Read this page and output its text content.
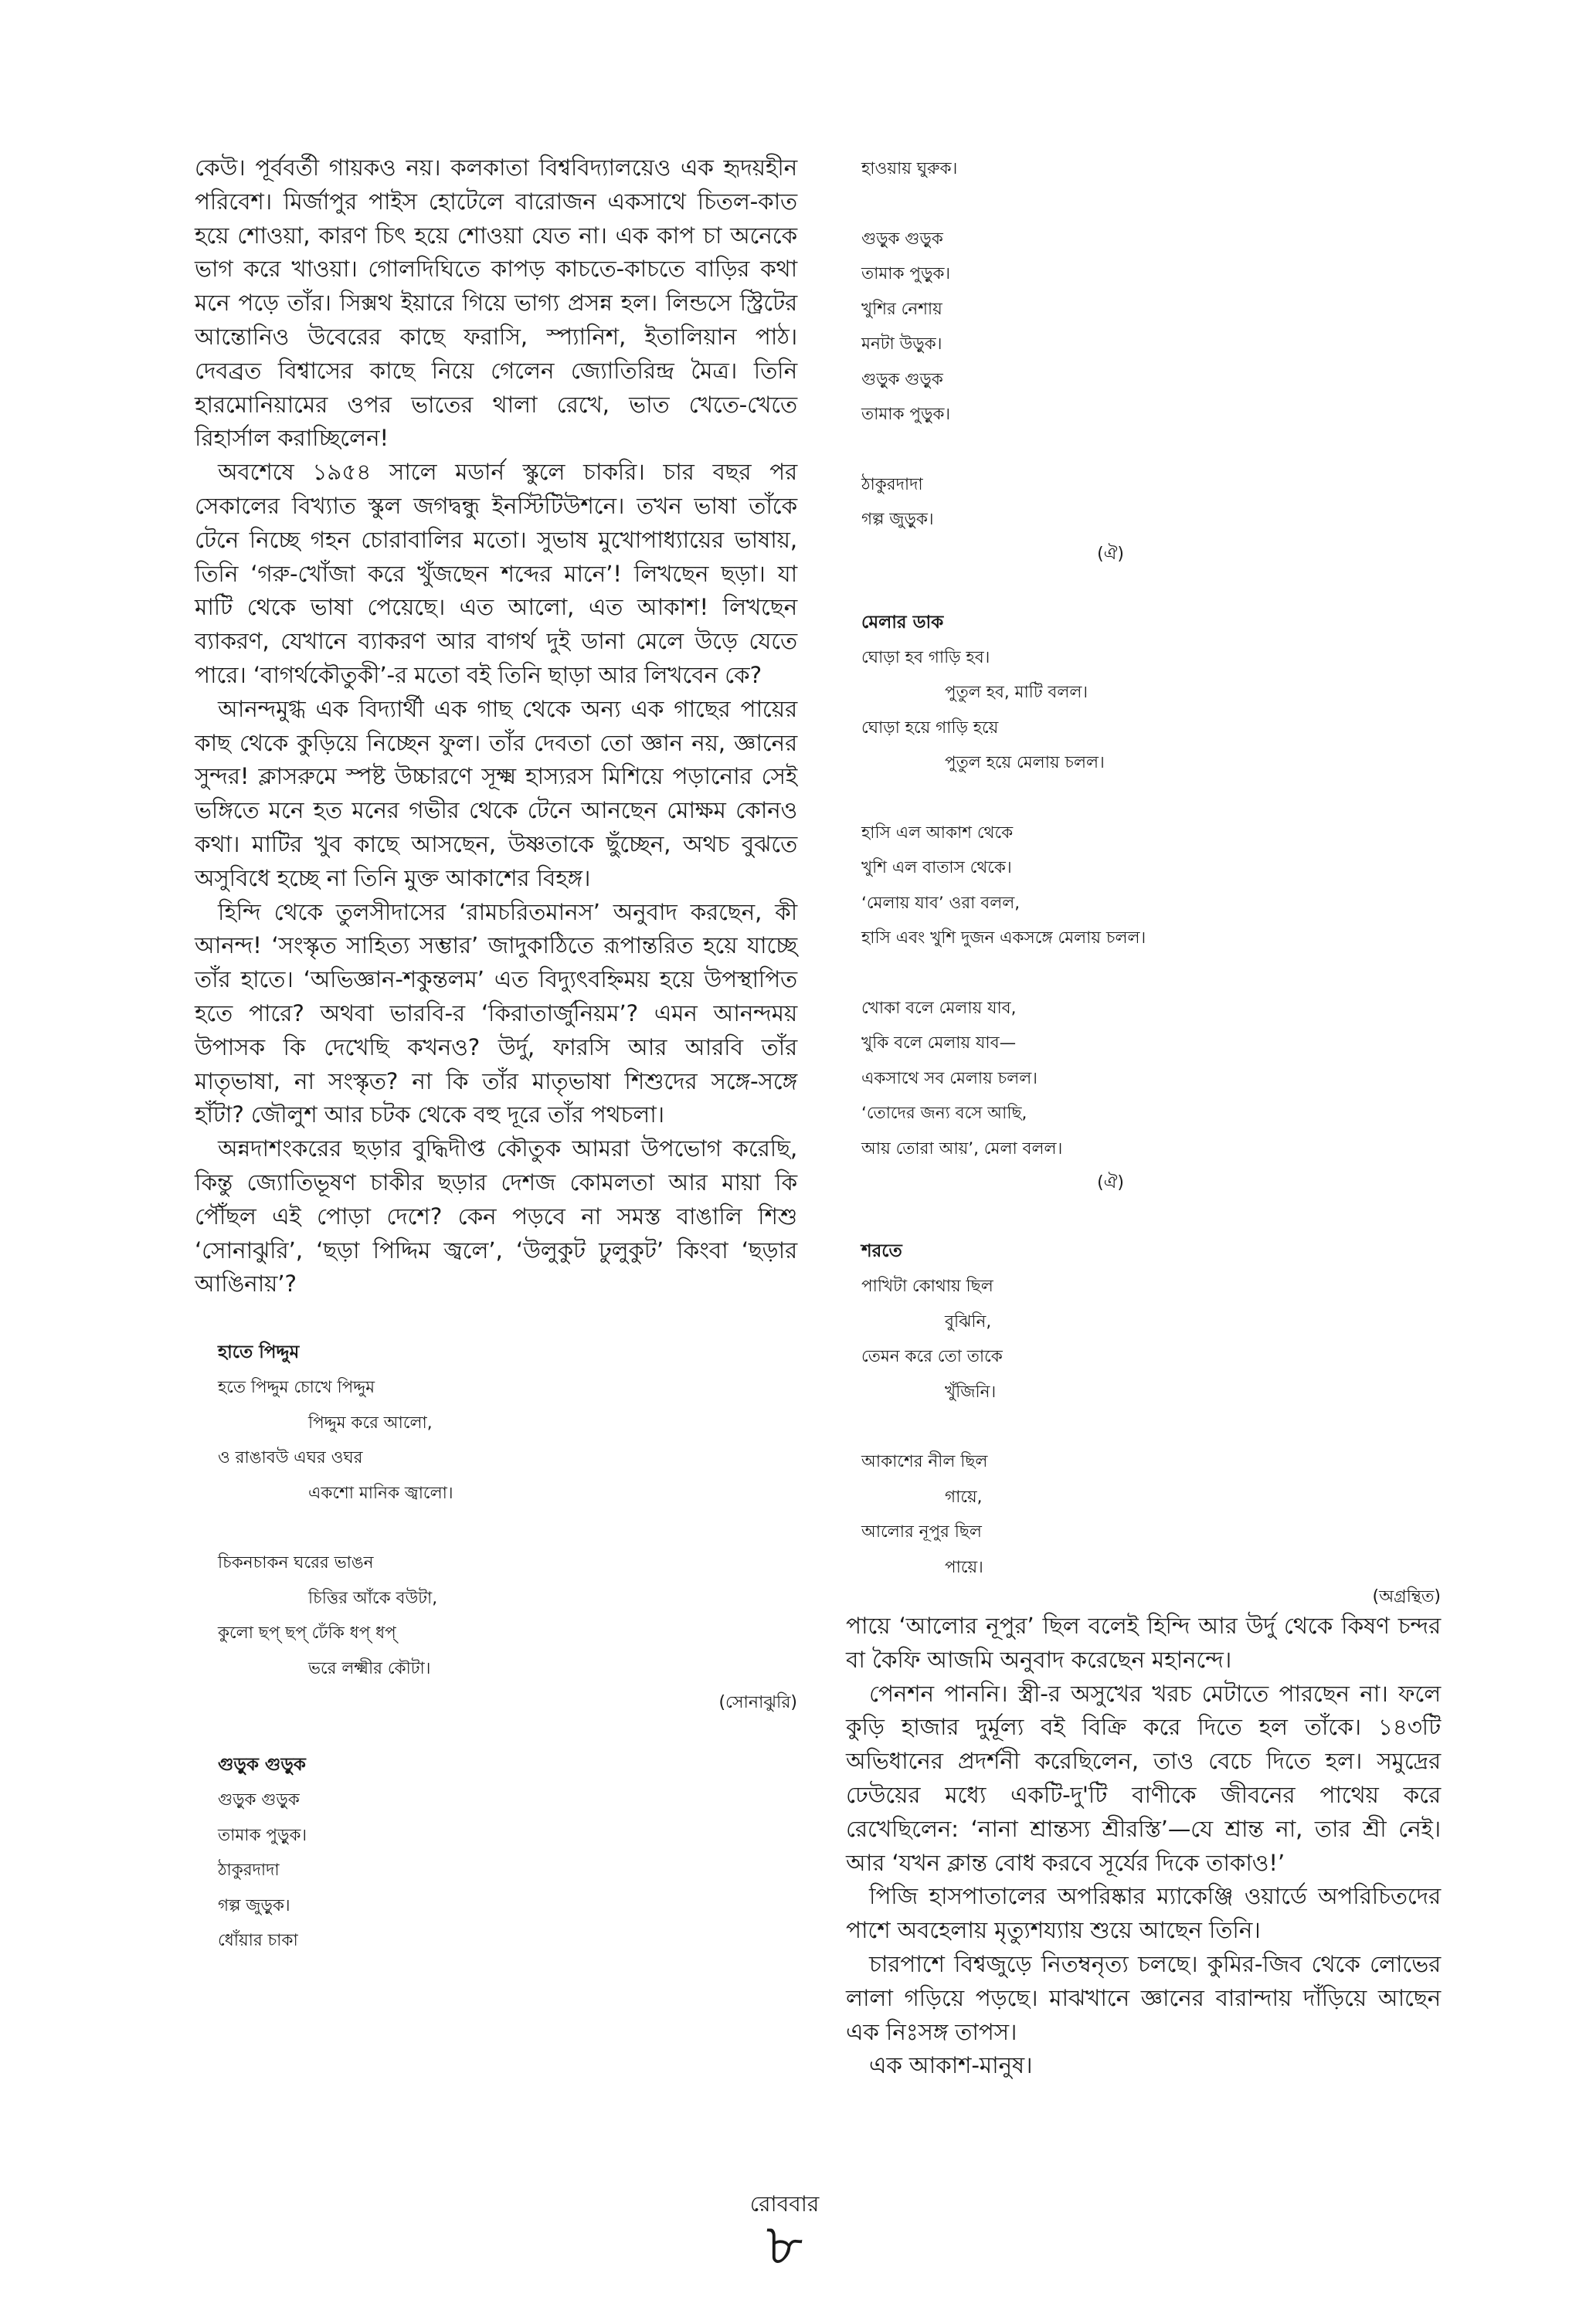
কেউ। পূর্ববর্তী গায়কও নয়। কলকাতা বিশ্ববিদ্যালয়েও এক হৃদয়হীন পরিবেশ। মির্জাপুর পাইস হোটেলে বারোজন একসাথে চিতল-কাত হয়ে শোওয়া, কারণ চিৎ হয়ে শোওয়া যেত না। এক কাপ চা অনেকে ভাগ করে খাওয়া। গোলদিঘিতে কাপড় কাচতে-কাচতে বাড়ির কথা মনে পড়ে তাঁর। সিক্সথ ইয়ারে গিয়ে ভাগ্য প্রসন্ন হল। লিন্ডসে স্ট্রিটের আন্তোনিও উবেরের কাছে ফরাসি, স্প্যানিশ, ইতালিয়ান পাঠ। দেবব্রত বিশ্বাসের কাছে নিয়ে গেলেন জ্যোতিরিন্দ্র মৈত্র। তিনি হারমোনিয়ামের ওপর ভাতের থালা রেখে, ভাত খেতে-খেতে রিহার্সাল করাচ্ছিলেন!

অবশেষে ১৯৫৪ সালে মডার্ন স্কুলে চাকরি। চার বছর পর সেকালের বিখ্যাত স্কুল জগদ্বন্ধু ইনস্টিটিউশনে। তখন ভাষা তাঁকে টেনে নিচ্ছে গহন চোরাবালির মতো। সুভাষ মুখোপাধ্যায়ের ভাষায়, তিনি ‘গরু-খোঁজা করে খুঁজছেন শব্দের মানে’! লিখছেন ছড়া। যা মাটি থেকে ভাষা পেয়েছে। এত আলো, এত আকাশ! লিখছেন ব্যাকরণ, যেখানে ব্যাকরণ আর বাগর্থ দুই ডানা মেলে উড়ে যেতে পারে। ‘বাগর্থকৌতুকী’-র মতো বই তিনি ছাড়া আর লিখবেন কে?

আনন্দমুগ্ধ এক বিদ্যার্থী এক গাছ থেকে অন্য এক গাছের পায়ের কাছ থেকে কুড়িয়ে নিচ্ছেন ফুল। তাঁর দেবতা তো জ্ঞান নয়, জ্ঞানের সুন্দর! ক্লাসরুমে স্পষ্ট উচ্চারণে সূক্ষ্ম হাস্যরস মিশিয়ে পড়ানোর সেই ভঙ্গিতে মনে হত মনের গভীর থেকে টেনে আনছেন মোক্ষম কোনও কথা। মাটির খুব কাছে আসছেন, উষ্ণতাকে ছুঁচ্ছেন, অথচ বুঝতে অসুবিধে হচ্ছে না তিনি মুক্ত আকাশের বিহঙ্গ।

হিন্দি থেকে তুলসীদাসের ‘রামচরিতমানস’ অনুবাদ করছেন, কী আনন্দ! ‘সংস্কৃত সাহিত্য সম্ভার’ জাদুকাঠিতে রূপান্তরিত হয়ে যাচ্ছে তাঁর হাতে। ‘অভিজ্ঞান-শকুন্তলম’ এত বিদ্যুৎবহ্নিময় হয়ে উপস্থাপিত হতে পারে? অথবা ভারবি-র ‘কিরাতার্জুনিয়ম’? এমন আনন্দময় উপাসক কি দেখেছি কখনও? উর্দু, ফারসি আর আরবি তাঁর মাতৃভাষা, না সংস্কৃত? না কি তাঁর মাতৃভাষা শিশুদের সঙ্গে-সঙ্গে হাঁটা? জৌলুশ আর চটক থেকে বহু দূরে তাঁর পথচলা।

অন্নদাশংকরের ছড়ার বুদ্ধিদীপ্ত কৌতুক আমরা উপভোগ করেছি, কিন্তু জ্যোতিভূষণ চাকীর ছড়ার দেশজ কোমলতা আর মায়া কি পৌঁছল এই পোড়া দেশে? কেন পড়বে না সমস্ত বাঙালি শিশু ‘সোনাঝুরি’, ‘ছড়া পিদ্দিম জ্বলে’, ‘উলুকুট ঢুলুকুট’ কিংবা ‘ছড়ার আঙিনায়’?

হাতে পিদ্দুম
হতে পিদ্দুম চোখে পিদ্দুম
পিদ্দুম করে আলো,
ও রাঙাবউ এঘর ওঘর
একশো মানিক জ্বালো।
চিকনচাকন ঘরের ভাঙন
চিত্তির আঁকে বউটা,
কুলো ছপ্‌ ছপ্‌ ঢেঁকি ধপ্‌ ধপ্‌
ভরে লক্ষ্মীর কৌটা।
(সোনাঝুরি)
গুড়ুক গুড়ুক
গুড়ুক গুড়ুক
তামাক পুড়ুক।
ঠাকুরদাদা
গল্প জুড়ুক।
ধোঁয়ার চাকা
হাওয়ায় ঘুরুক।
গুড়ুক গুড়ুক
তামাক পুড়ুক।
খুশির নেশায়
মনটা উড়ুক।
গুড়ুক গুড়ুক
তামাক পুড়ুক।
ঠাকুরদাদা
গল্প জুড়ুক।
(ঐ)
মেলার ডাক
ঘোড়া হব গাড়ি হব।
পুতুল হব, মাটি বলল।
ঘোড়া হয়ে গাড়ি হয়ে
পুতুল হয়ে মেলায় চলল।
হাসি এল আকাশ থেকে
খুশি এল বাতাস থেকে।
‘মেলায় যাব’ ওরা বলল,
হাসি এবং খুশি দুজন একসঙ্গে মেলায় চলল।
খোকা বলে মেলায় যাব,
খুকি বলে মেলায় যাব—
একসাথে সব মেলায় চলল।
‘তোদের জন্য বসে আছি,
আয় তোরা আয়’, মেলা বলল।
(ঐ)
শরতে
পাখিটা কোথায় ছিল
বুঝিনি,
তেমন করে তো তাকে
খুঁজিনি।
আকাশের নীল ছিল
গায়ে,
আলোর নূপুর ছিল
পায়ে।
(অগ্রন্থিত)

পায়ে ‘আলোর নূপুর’ ছিল বলেই হিন্দি আর উর্দু থেকে কিষণ চন্দর বা কৈফি আজমি অনুবাদ করেছেন মহানন্দে।

পেনশন পাননি। স্ত্রী-র অসুখের খরচ মেটাতে পারছেন না। ফলে কুড়ি হাজার দুর্মূল্য বই বিক্রি করে দিতে হল তাঁকে। ১৪৩টি অভিধানের প্রদর্শনী করেছিলেন, তাও বেচে দিতে হল। সমুদ্রের ঢেউয়ের মধ্যে একটি-দু'টি বাণীকে জীবনের পাথেয় করে রেখেছিলেন: ‘নানা শ্রান্তস্য শ্রীরস্তি’—যে শ্রান্ত না, তার শ্রী নেই। আর ‘যখন ক্লান্ত বোধ করবে সূর্যের দিকে তাকাও!’

পিজি হাসপাতালের অপরিষ্কার ম্যাকেঞ্জি ওয়ার্ডে অপরিচিতদের পাশে অবহেলায় মৃত্যুশয্যায় শুয়ে আছেন তিনি।

চারপাশে বিশ্বজুড়ে নিতম্বনৃত্য চলছে। কুমির-জিব থেকে লোভের লালা গড়িয়ে পড়ছে। মাঝখানে জ্ঞানের বারান্দায় দাঁড়িয়ে আছেন এক নিঃসঙ্গ তাপস।

এক আকাশ-মানুষ।

রোববার
৮
